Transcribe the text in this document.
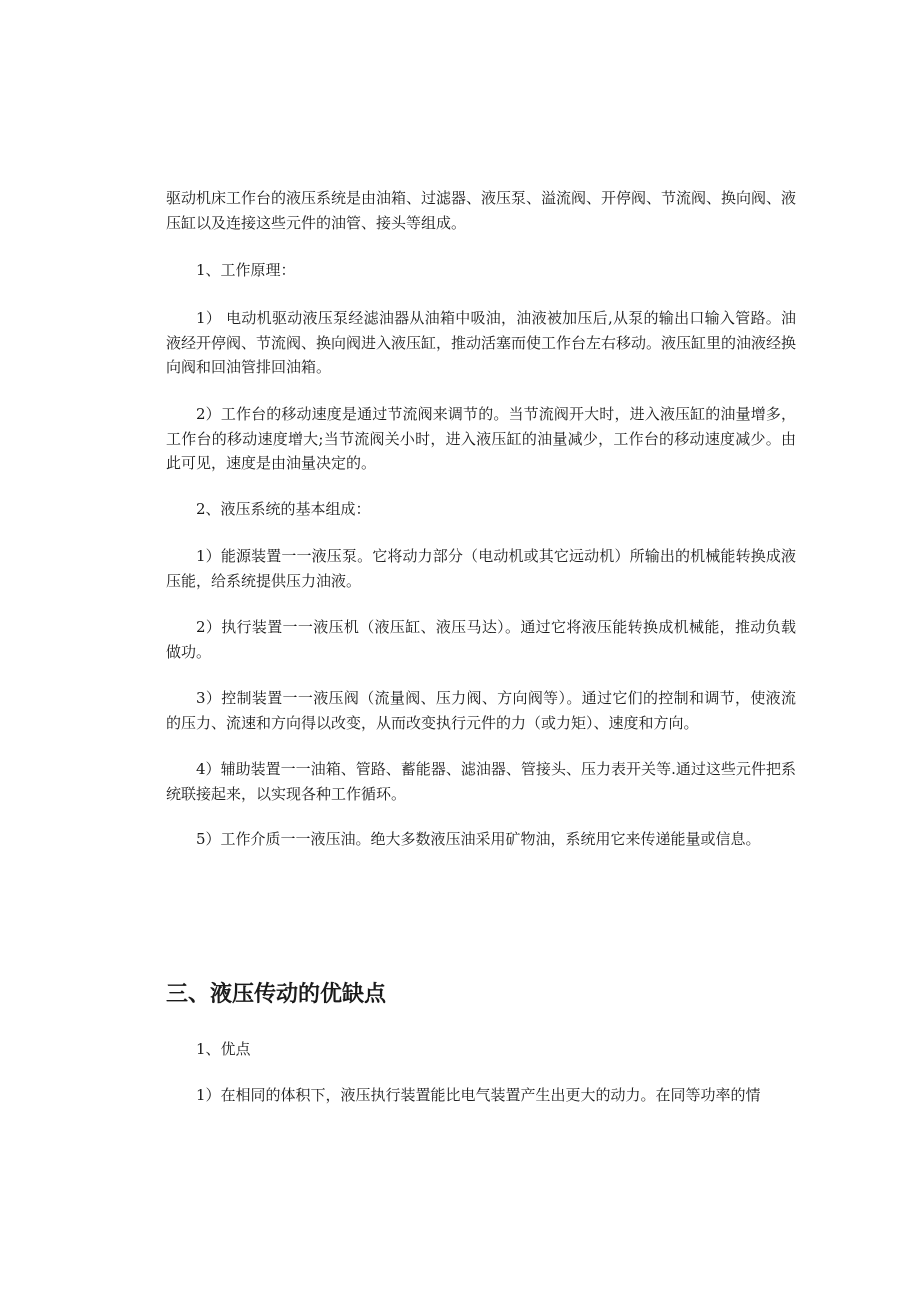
驱动机床工作台的液压系统是由油箱、过滤器、液压泵、溢流阀、开停阀、节流阀、换向阀、液压缸以及连接这些元件的油管、接头等组成。

1、工作原理：

1） 电动机驱动液压泵经滤油器从油箱中吸油，油液被加压后,从泵的输出口输入管路。油液经开停阀、节流阀、换向阀进入液压缸，推动活塞而使工作台左右移动。液压缸里的油液经换向阀和回油管排回油箱。

2）工作台的移动速度是通过节流阀来调节的。当节流阀开大时，进入液压缸的油量增多，工作台的移动速度增大;当节流阀关小时，进入液压缸的油量减少，工作台的移动速度减少。由此可见，速度是由油量决定的。

2、液压系统的基本组成：

1）能源装置一一液压泵。它将动力部分（电动机或其它远动机）所输出的机械能转换成液压能，给系统提供压力油液。

2）执行装置一一液压机（液压缸、液压马达）。通过它将液压能转换成机械能，推动负载做功。

3）控制装置一一液压阀（流量阀、压力阀、方向阀等）。通过它们的控制和调节，使液流的压力、流速和方向得以改变，从而改变执行元件的力（或力矩）、速度和方向。

4）辅助装置一一油箱、管路、蓄能器、滤油器、管接头、压力表开关等.通过这些元件把系统联接起来，以实现各种工作循环。

5）工作介质一一液压油。绝大多数液压油采用矿物油，系统用它来传递能量或信息。

三、液压传动的优缺点

1、优点

1）在相同的体积下，液压执行装置能比电气装置产生出更大的动力。在同等功率的情
